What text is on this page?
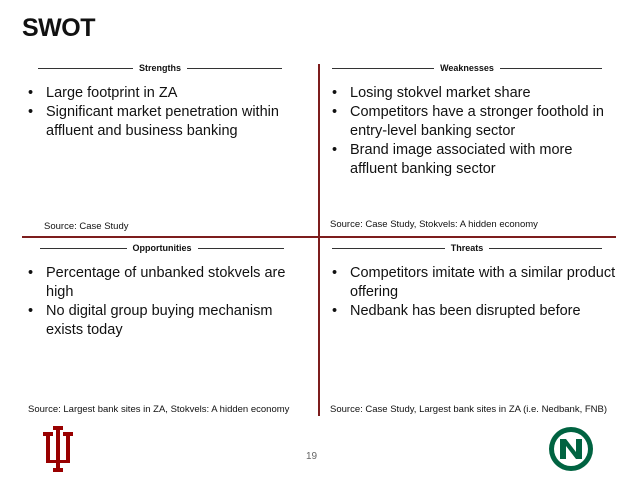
SWOT
Strengths
• Large footprint in ZA
• Significant market penetration within affluent and business banking
Source: Case Study
Weaknesses
• Losing stokvel market share
• Competitors have a stronger foothold in entry-level banking sector
• Brand image associated with more affluent banking sector
Source: Case Study, Stokvels: A hidden economy
Opportunities
• Percentage of unbanked stokvels are high
• No digital group buying mechanism exists today
Source: Largest bank sites in ZA, Stokvels: A hidden economy
Threats
• Competitors imitate with a similar product offering
• Nedbank has been disrupted before
Source: Case Study, Largest bank sites in ZA (i.e. Nedbank, FNB)
19
